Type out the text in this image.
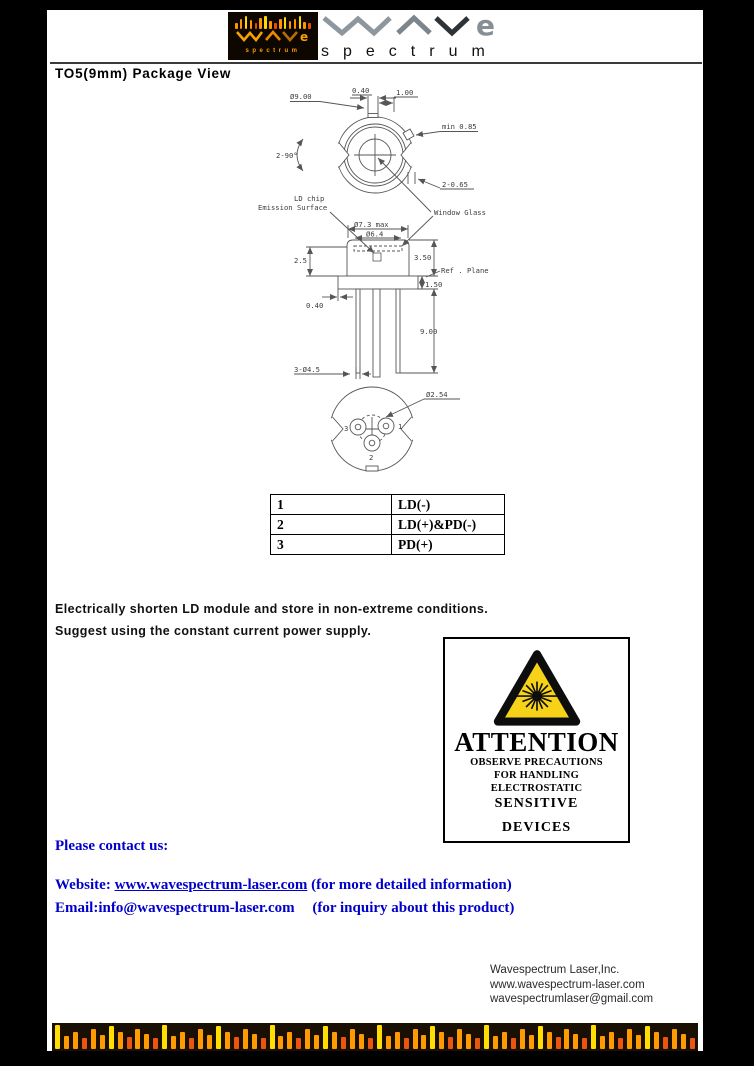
e
spectrum
e
spectrum
TO5(9mm) Package View
Ø9.00
0.40	1.00
min 0.85
2-90°
2-0.65
LD chip
Emission Surface
Window Glass
Ø7.3 max
Ø6.4
2.5	3.50
Ref . Plane
1.50
0.40
9.00
3-Ø4.5
Ø2.54
3	1
2
1	LD(-)
2	LD(+)&PD(-)
3	PD(+)
Electrically shorten LD module and store in non-extreme conditions.
Suggest using the constant current power supply.
ATTENTION
OBSERVE PRECAUTIONS
FOR HANDLING
ELECTROSTATIC
SENSITIVE
DEVICES
Please contact us:
Website: www.wavespectrum-laser.com (for more detailed information)
Email:info@wavespectrum-laser.com (for inquiry about this product)
Wavespectrum Laser,Inc.
www.wavespectrum-laser.com
wavespectrumlaser@gmail.com
